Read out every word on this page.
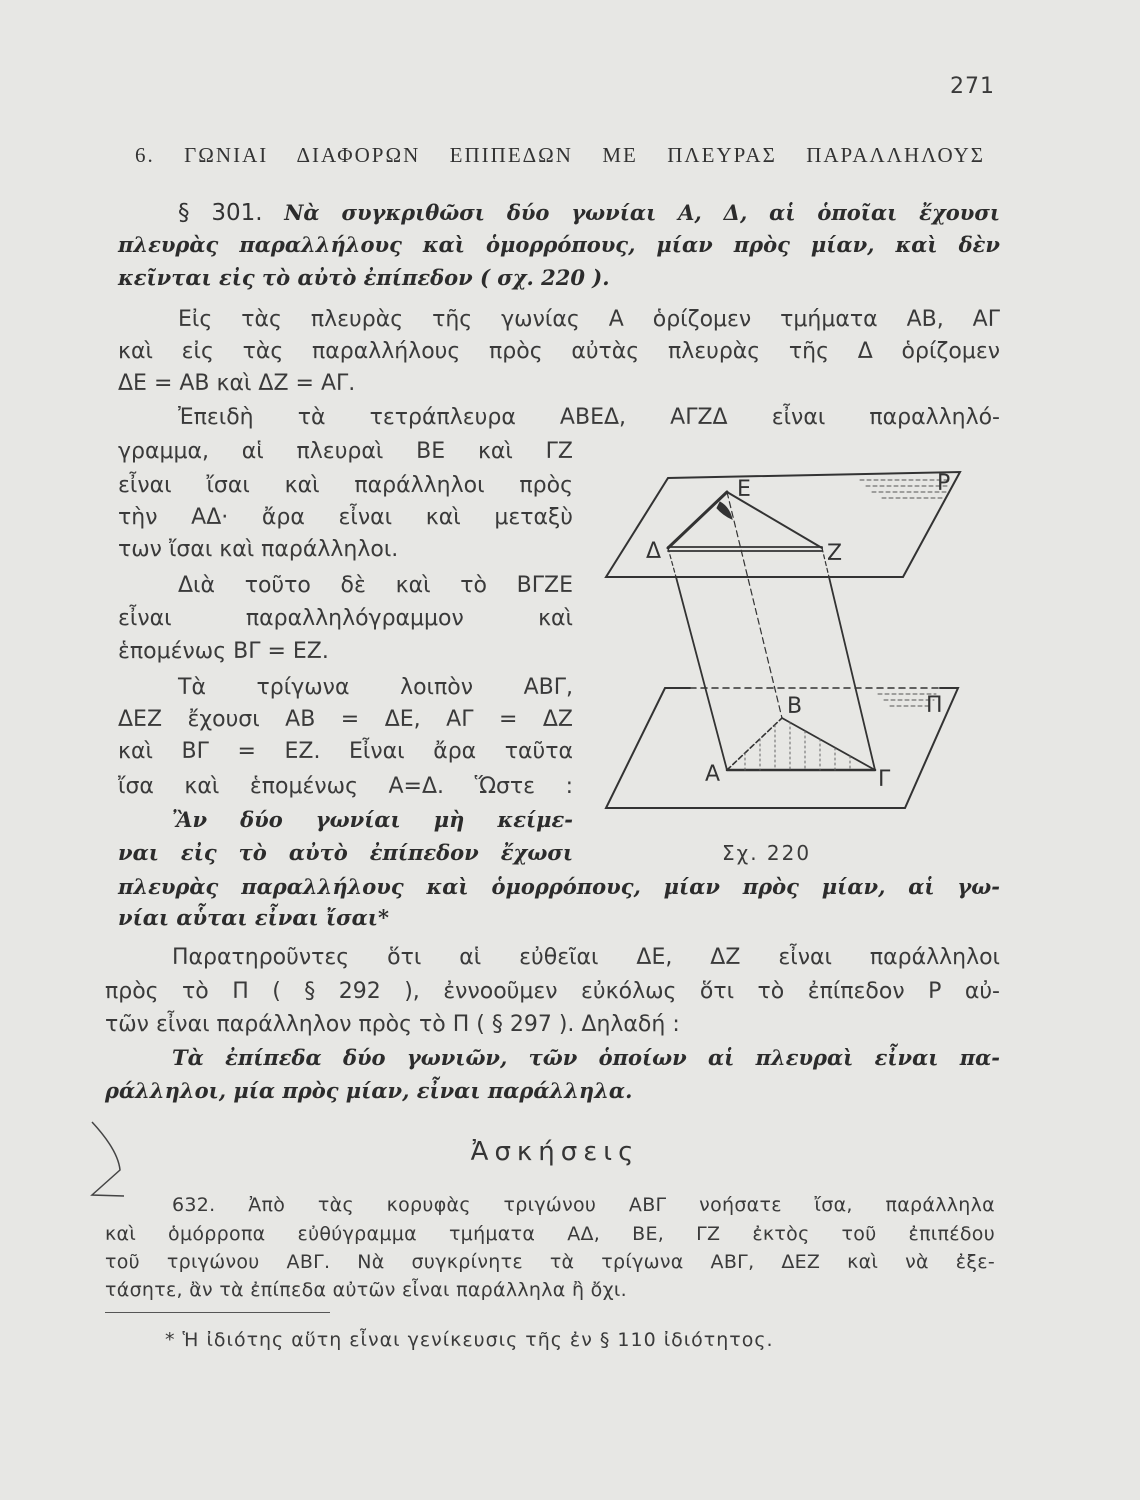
271
6. ΓΩΝΙΑΙ ΔΙΑΦΟΡΩΝ ΕΠΙΠΕΔΩΝ ΜΕ ΠΛΕΥΡΑΣ ΠΑΡΑΛΛΗΛΟΥΣ
§ 301. Νὰ συγκριθῶσι δύο γωνίαι Α, Δ, αἱ ὁποῖαι ἔχουσι
πλευρὰς παραλλήλους καὶ ὁμορρόπους, μίαν πρὸς μίαν, καὶ δὲν
κεῖνται εἰς τὸ αὐτὸ ἐπίπεδον ( σχ. 220 ).
Εἰς τὰς πλευρὰς τῆς γωνίας Α ὁρίζομεν τμήματα ΑΒ, ΑΓ
καὶ εἰς τὰς παραλλήλους πρὸς αὐτὰς πλευρὰς τῆς Δ ὁρίζομεν
ΔΕ = ΑΒ καὶ ΔΖ = ΑΓ.
Ἐπειδὴ τὰ τετράπλευρα ΑΒΕΔ, ΑΓΖΔ εἶναι παραλληλό-
γραμμα, αἱ πλευραὶ ΒΕ καὶ ΓΖ
εἶναι ἴσαι καὶ παράλληλοι πρὸς
τὴν ΑΔ· ἄρα εἶναι καὶ μεταξὺ
των ἴσαι καὶ παράλληλοι.
Διὰ τοῦτο δὲ καὶ τὸ ΒΓΖΕ
εἶναι παραλληλόγραμμον καὶ
ἑπομένως ΒΓ = ΕΖ.
Τὰ τρίγωνα λοιπὸν ΑΒΓ,
ΔΕΖ ἔχουσι ΑΒ = ΔΕ, ΑΓ = ΔΖ
καὶ ΒΓ = ΕΖ. Εἶναι ἄρα ταῦτα
ἴσα καὶ ἑπομένως Α=Δ. Ὥστε :
Ἂν δύο γωνίαι μὴ κείμε-
ναι εἰς τὸ αὐτὸ ἐπίπεδον ἔχωσι
πλευρὰς παραλλήλους καὶ ὁμορρόπους, μίαν πρὸς μίαν, αἱ γω-
νίαι αὗται εἶναι ἴσαι*
Παρατηροῦντες ὅτι αἱ εὐθεῖαι ΔΕ, ΔΖ εἶναι παράλληλοι
πρὸς τὸ Π ( § 292 ), ἐννοοῦμεν εὐκόλως ὅτι τὸ ἐπίπεδον Ρ αὐ-
τῶν εἶναι παράλληλον πρὸς τὸ Π ( § 297 ). Δηλαδή :
Τὰ ἐπίπεδα δύο γωνιῶν, τῶν ὁποίων αἱ πλευραὶ εἶναι πα-
ράλληλοι, μία πρὸς μίαν, εἶναι παράλληλα.
Σχ. 220
Ε
Δ	Ζ
Ρ
Π
Β
Α	Γ
Ἀσκήσεις
632. Ἀπὸ τὰς κορυφὰς τριγώνου ΑΒΓ νοήσατε ἴσα, παράλληλα
καὶ ὁμόρροπα εὐθύγραμμα τμήματα ΑΔ, ΒΕ, ΓΖ ἐκτὸς τοῦ ἐπιπέδου
τοῦ τριγώνου ΑΒΓ. Νὰ συγκρίνητε τὰ τρίγωνα ΑΒΓ, ΔΕΖ καὶ νὰ ἐξε-
τάσητε, ἂν τὰ ἐπίπεδα αὐτῶν εἶναι παράλληλα ἢ ὄχι.
* Ἡ ἰδιότης αὕτη εἶναι γενίκευσις τῆς ἐν § 110 ἰδιότητος.
